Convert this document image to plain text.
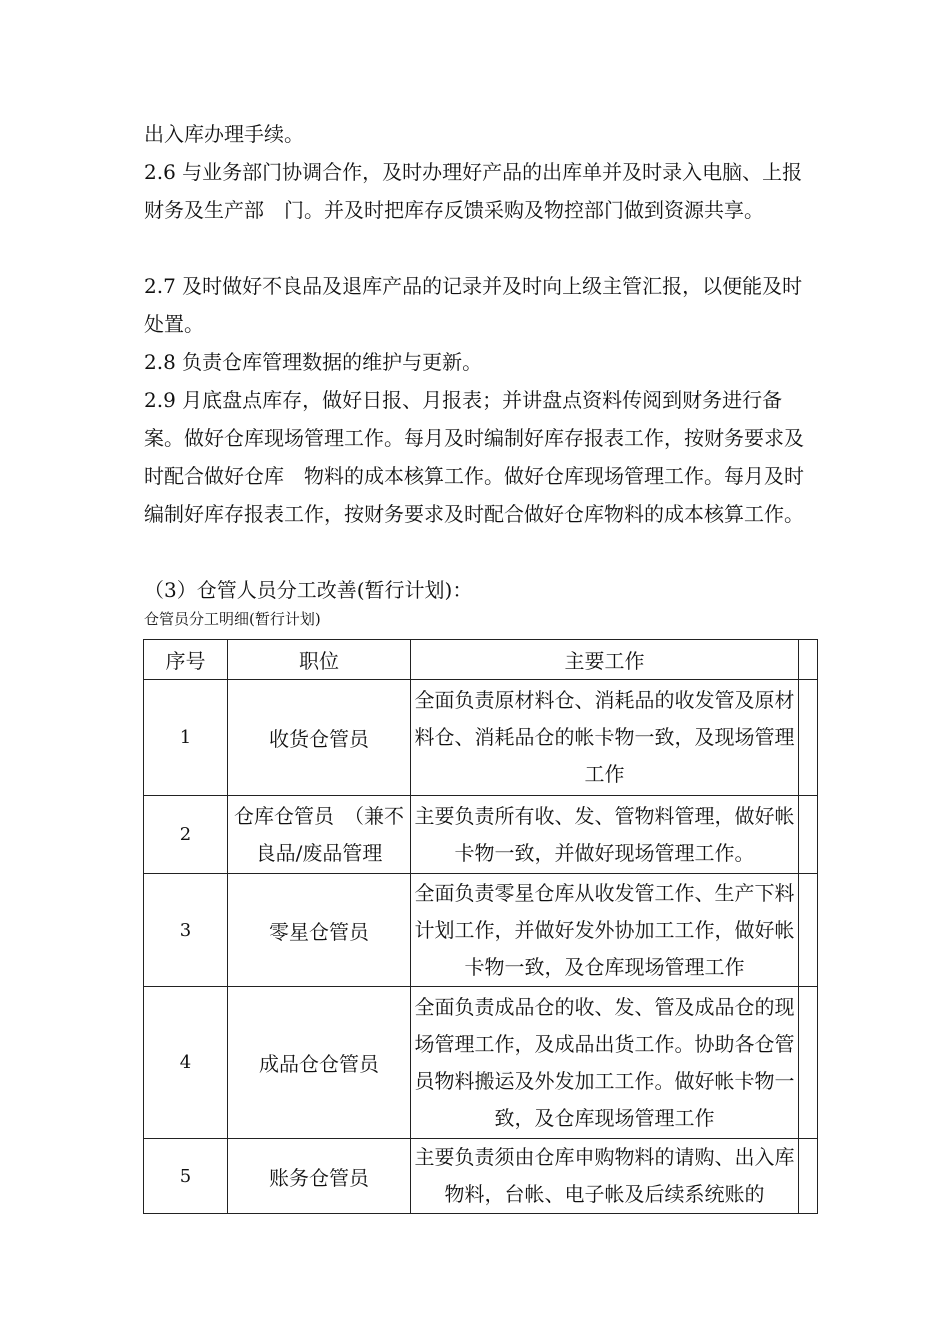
出入库办理手续。
2.6 与业务部门协调合作，及时办理好产品的出库单并及时录入电脑、上报财务及生产部　门。并及时把库存反馈采购及物控部门做到资源共享。
2.7 及时做好不良品及退库产品的记录并及时向上级主管汇报，以便能及时处置。
2.8 负责仓库管理数据的维护与更新。
2.9 月底盘点库存，做好日报、月报表；并讲盘点资料传阅到财务进行备案。做好仓库现场管理工作。每月及时编制好库存报表工作，按财务要求及时配合做好仓库　物料的成本核算工作。做好仓库现场管理工作。每月及时编制好库存报表工作，按财务要求及时配合做好仓库物料的成本核算工作。
（3）仓管人员分工改善(暂行计划)：
仓管员分工明细(暂行计划)
序号	职位	主要工作	
1	收货仓管员	全面负责原材料仓、消耗品的收发管及原材料仓、消耗品仓的帐卡物一致，及现场管理工作	
2	仓库仓管员　（兼不良品/废品管理	主要负责所有收、发、管物料管理，做好帐卡物一致，并做好现场管理工作。	
3	零星仓管员	全面负责零星仓库从收发管工作、生产下料计划工作，并做好发外协加工工作，做好帐卡物一致，及仓库现场管理工作	
4	成品仓仓管员	全面负责成品仓的收、发、管及成品仓的现场管理工作，及成品出货工作。协助各仓管员物料搬运及外发加工工作。做好帐卡物一致，及仓库现场管理工作	
5	账务仓管员	主要负责须由仓库申购物料的请购、出入库物料，台帐、电子帐及后续系统账的	
